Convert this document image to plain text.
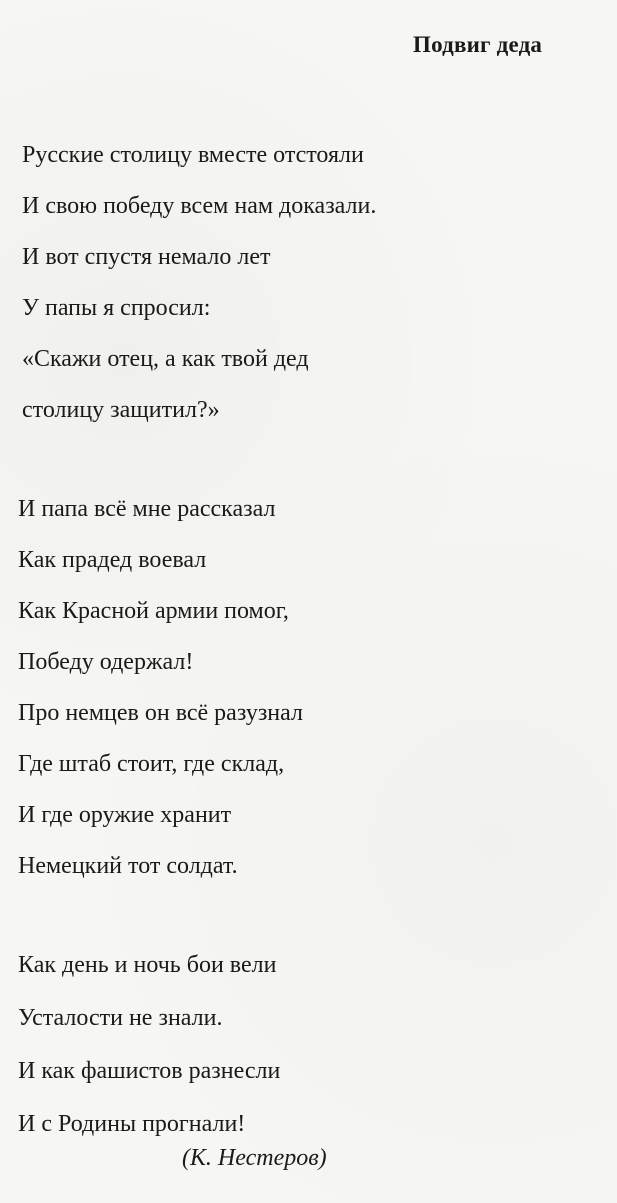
Подвиг деда
Русские столицу вместе отстояли
И свою победу всем нам доказали.
И вот спустя немало лет
У папы я спросил:
«Скажи отец, а как твой дед
столицу защитил?»
И папа всё мне рассказал
Как прадед воевал
Как Красной армии помог,
Победу одержал!
Про немцев он всё разузнал
Где штаб стоит, где склад,
И где оружие хранит
Немецкий тот солдат.
Как день и ночь бои вели
Усталости не знали.
И как фашистов разнесли
И с Родины прогнали!
(К. Нестеров)
